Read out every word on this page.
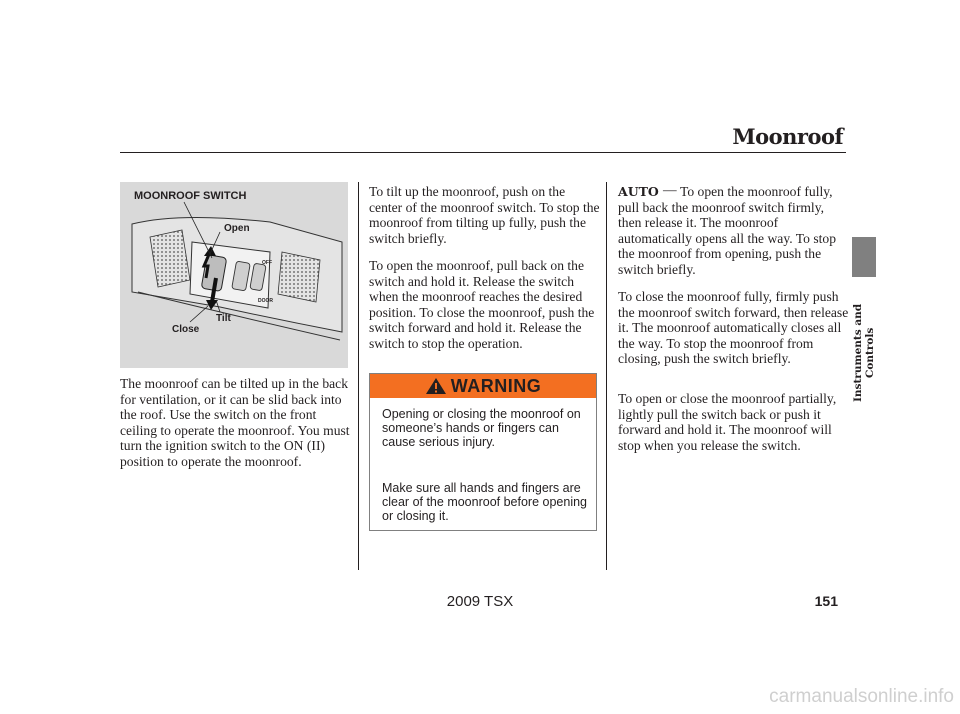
Moonroof
Instruments and Controls
MOONROOF SWITCH
Open
OFF
DOOR
Tilt
Close
The moonroof can be tilted up in the back for ventilation, or it can be slid back into the roof. Use the switch on the front ceiling to operate the moonroof. You must turn the ignition switch to the ON (II) position to operate the moonroof.
To tilt up the moonroof, push on the center of the moonroof switch. To stop the moonroof from tilting up fully, push the switch briefly.
To open the moonroof, pull back on the switch and hold it. Release the switch when the moonroof reaches the desired position. To close the moonroof, push the switch forward and hold it. Release the switch to stop the operation.
WARNING
Opening or closing the moonroof on someone’s hands or fingers can cause serious injury.
Make sure all hands and fingers are clear of the moonroof before opening or closing it.
AUTO — To open the moonroof fully, pull back the moonroof switch firmly, then release it. The moonroof automatically opens all the way. To stop the moonroof from opening, push the switch briefly.
To close the moonroof fully, firmly push the moonroof switch forward, then release it. The moonroof automatically closes all the way. To stop the moonroof from closing, push the switch briefly.
To open or close the moonroof partially, lightly pull the switch back or push it forward and hold it. The moonroof will stop when you release the switch.
2009 TSX	151
carmanualsonline.info
